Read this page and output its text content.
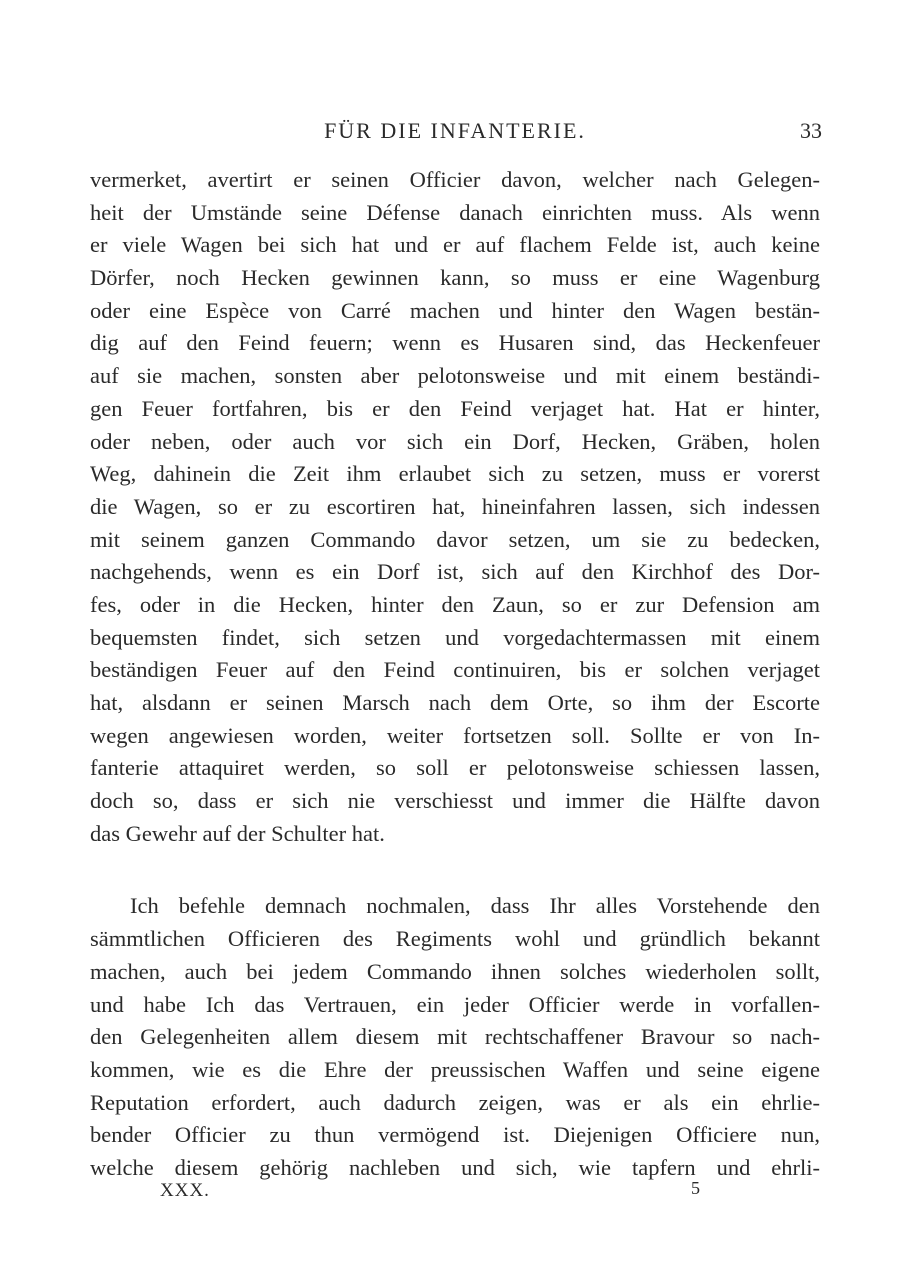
FÜR DIE INFANTERIE.	33
vermerket, avertirt er seinen Officier davon, welcher nach Gelegen-
heit der Umstände seine Défense danach einrichten muss. Als wenn
er viele Wagen bei sich hat und er auf flachem Felde ist, auch keine
Dörfer, noch Hecken gewinnen kann, so muss er eine Wagenburg
oder eine Espèce von Carré machen und hinter den Wagen bestän-
dig auf den Feind feuern; wenn es Husaren sind, das Heckenfeuer
auf sie machen, sonsten aber pelotonsweise und mit einem beständi-
gen Feuer fortfahren, bis er den Feind verjaget hat. Hat er hinter,
oder neben, oder auch vor sich ein Dorf, Hecken, Gräben, holen
Weg, dahinein die Zeit ihm erlaubet sich zu setzen, muss er vorerst
die Wagen, so er zu escortiren hat, hineinfahren lassen, sich indessen
mit seinem ganzen Commando davor setzen, um sie zu bedecken,
nachgehends, wenn es ein Dorf ist, sich auf den Kirchhof des Dor-
fes, oder in die Hecken, hinter den Zaun, so er zur Defension am
bequemsten findet, sich setzen und vorgedachtermassen mit einem
beständigen Feuer auf den Feind continuiren, bis er solchen verjaget
hat, alsdann er seinen Marsch nach dem Orte, so ihm der Escorte
wegen angewiesen worden, weiter fortsetzen soll. Sollte er von In-
fanterie attaquiret werden, so soll er pelotonsweise schiessen lassen,
doch so, dass er sich nie verschiesst und immer die Hälfte davon
das Gewehr auf der Schulter hat.
Ich befehle demnach nochmalen, dass Ihr alles Vorstehende den
sämmtlichen Officieren des Regiments wohl und gründlich bekannt
machen, auch bei jedem Commando ihnen solches wiederholen sollt,
und habe Ich das Vertrauen, ein jeder Officier werde in vorfallen-
den Gelegenheiten allem diesem mit rechtschaffener Bravour so nach-
kommen, wie es die Ehre der preussischen Waffen und seine eigene
Reputation erfordert, auch dadurch zeigen, was er als ein ehrlie-
bender Officier zu thun vermögend ist. Diejenigen Officiere nun,
welche diesem gehörig nachleben und sich, wie tapfern und ehrli-
XXX.	5
